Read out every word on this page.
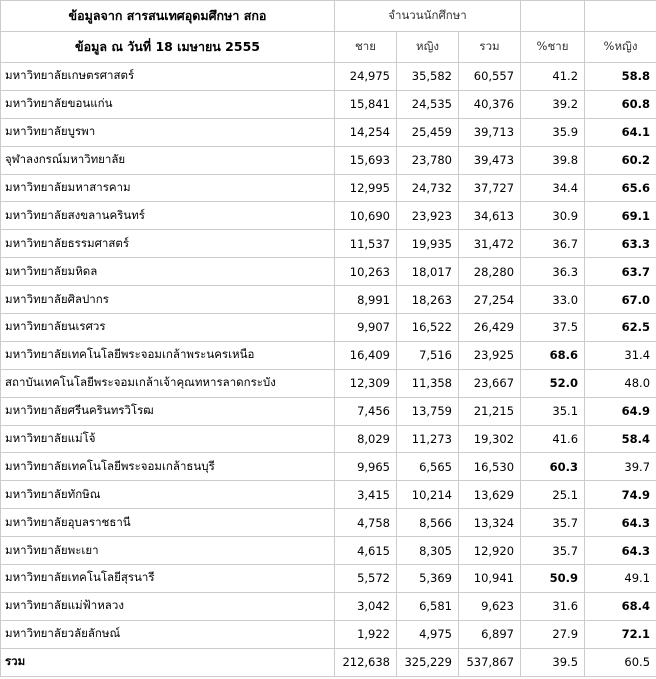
ข้อมูลจาก สารสนเทศอุดมศึกษา สกอ	จำนวนนักศึกษา				
ข้อมูล ณ วันที่ 18 เมษายน 2555	ชาย	หญิง	รวม	%ชาย	%หญิง
มหาวิทยาลัยเกษตรศาสตร์	24,975	35,582	60,557	41.2	58.8
มหาวิทยาลัยขอนแก่น	15,841	24,535	40,376	39.2	60.8
มหาวิทยาลัยบูรพา	14,254	25,459	39,713	35.9	64.1
จุฬาลงกรณ์มหาวิทยาลัย	15,693	23,780	39,473	39.8	60.2
มหาวิทยาลัยมหาสารคาม	12,995	24,732	37,727	34.4	65.6
มหาวิทยาลัยสงขลานครินทร์	10,690	23,923	34,613	30.9	69.1
มหาวิทยาลัยธรรมศาสตร์	11,537	19,935	31,472	36.7	63.3
มหาวิทยาลัยมหิดล	10,263	18,017	28,280	36.3	63.7
มหาวิทยาลัยศิลปากร	8,991	18,263	27,254	33.0	67.0
มหาวิทยาลัยนเรศวร	9,907	16,522	26,429	37.5	62.5
มหาวิทยาลัยเทคโนโลยีพระจอมเกล้าพระนครเหนือ	16,409	7,516	23,925	68.6	31.4
สถาบันเทคโนโลยีพระจอมเกล้าเจ้าคุณทหารลาดกระบัง	12,309	11,358	23,667	52.0	48.0
มหาวิทยาลัยศรีนครินทรวิโรฒ	7,456	13,759	21,215	35.1	64.9
มหาวิทยาลัยแม่โจ้	8,029	11,273	19,302	41.6	58.4
มหาวิทยาลัยเทคโนโลยีพระจอมเกล้าธนบุรี	9,965	6,565	16,530	60.3	39.7
มหาวิทยาลัยทักษิณ	3,415	10,214	13,629	25.1	74.9
มหาวิทยาลัยอุบลราชธานี	4,758	8,566	13,324	35.7	64.3
มหาวิทยาลัยพะเยา	4,615	8,305	12,920	35.7	64.3
มหาวิทยาลัยเทคโนโลยีสุรนารี	5,572	5,369	10,941	50.9	49.1
มหาวิทยาลัยแม่ฟ้าหลวง	3,042	6,581	9,623	31.6	68.4
มหาวิทยาลัยวลัยลักษณ์	1,922	4,975	6,897	27.9	72.1
รวม	212,638	325,229	537,867	39.5	60.5
